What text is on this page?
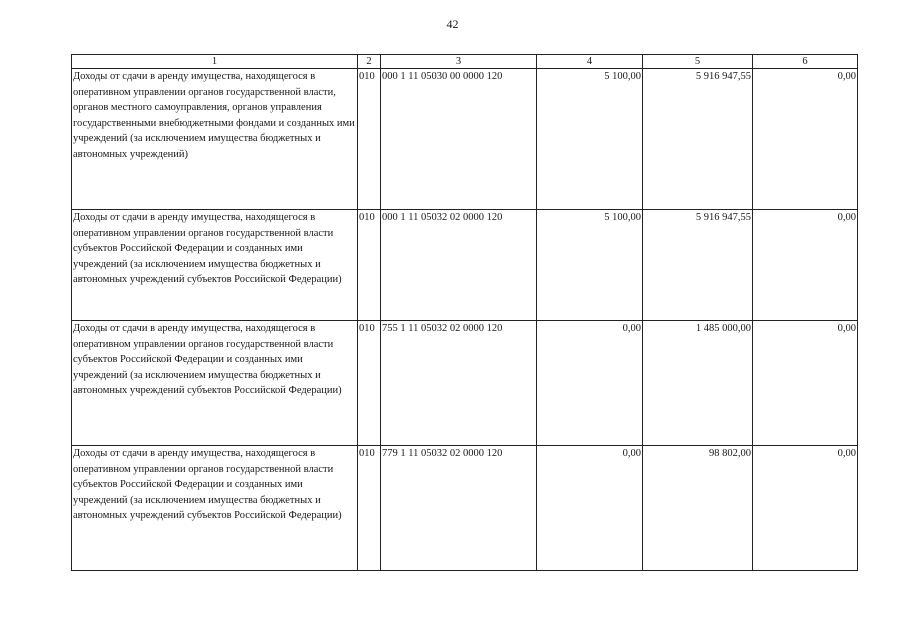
42
1	2	3	4	5	6
Доходы от сдачи в аренду имущества, находящегося в оперативном управлении органов государственной власти, органов местного самоуправления, органов управления государственными внебюджетными фондами и созданных ими учреждений (за исключением имущества бюджетных и автономных учреждений)	010	000 1 11 05030 00 0000 120	5 100,00	5 916 947,55	0,00
Доходы от сдачи в аренду имущества, находящегося в оперативном управлении органов государственной власти субъектов Российской Федерации и созданных ими учреждений (за исключением имущества бюджетных и автономных учреждений субъектов Российской Федерации)	010	000 1 11 05032 02 0000 120	5 100,00	5 916 947,55	0,00
Доходы от сдачи в аренду имущества, находящегося в оперативном управлении органов государственной власти субъектов Российской Федерации и созданных ими учреждений (за исключением имущества бюджетных и автономных учреждений субъектов Российской Федерации)	010	755 1 11 05032 02 0000 120	0,00	1 485 000,00	0,00
Доходы от сдачи в аренду имущества, находящегося в оперативном управлении органов государственной власти субъектов Российской Федерации и созданных ими учреждений (за исключением имущества бюджетных и автономных учреждений субъектов Российской Федерации)	010	779 1 11 05032 02 0000 120	0,00	98 802,00	0,00
